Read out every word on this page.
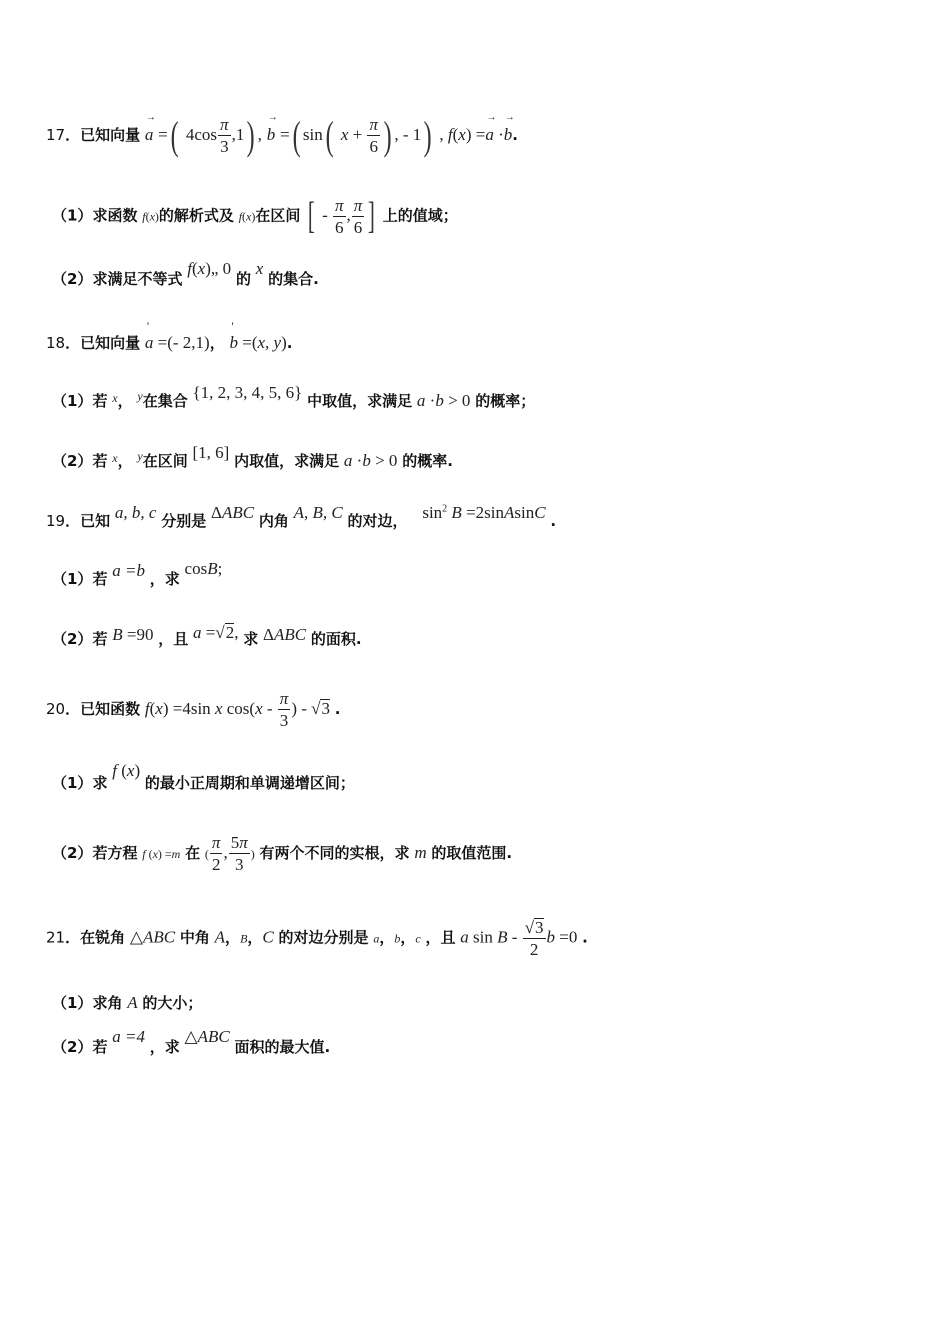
17．已知向量 → a =( $4\cos \frac{\pi}{3} ,1$) , → b =( sin( $x + \frac{\pi}{6}$ ) , - 1) , f(x) =→ a ·→ b.
（1）求函数 f(x)的解析式及 f(x)在区间 [ - $\frac{\pi}{6}$ , $\frac{\pi}{6}$ ] 上的值域；
（2）求满足不等式 f(x)„ 0 的 x 的集合.
18．已知向量 ' a =(- 2,1)， ' b =(x, y).
（1）若 $^x$， $^y$在集合 {1, 2, 3, 4, 5, 6} 中取值，求满足 a ·b > 0 的概率；
（2）若 $^x$， $^y$在区间 [1, 6] 内取值，求满足 a ·b > 0 的概率.
19．已知 a, b, c 分别是 ΔABC 内角 A, B, C 的对边， $\sin^2 B$ =2sinAsinC .
（1）若 a =b ，求 cosB;
（2）若 B =90 ，且 a =√2, 求 ΔABC 的面积.
20．已知函数 f(x) =4sin x $\cos(x - \frac{\pi}{3}$ ) - √3 .
（1）求 f (x) 的最小正周期和单调递增区间；
（2）若方程 f (x) =m 在 ( $\frac{\pi}{2}$ , $\frac{5\pi}{3}$ ) 有两个不同的实根，求 m 的取值范围.
21．在锐角 △ABC 中角 A，B，C 的对边分别是 a，b，c ，且 a sin B - $\frac{√3}{2}$ b =0 .
（1）求角 A 的大小；
（2）若 a =4 ，求 △ABC 面积的最大值.
